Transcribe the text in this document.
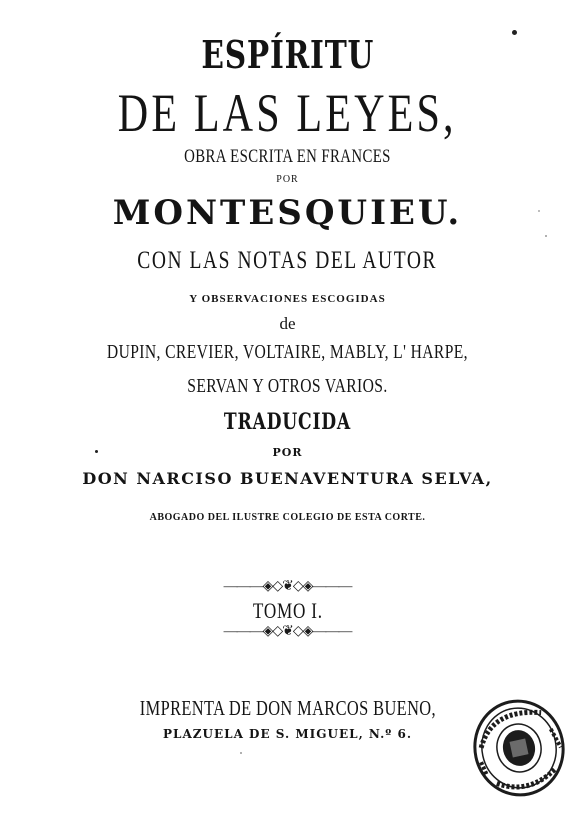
ESPÍRITU
DE LAS LEYES,
OBRA ESCRITA EN FRANCES
POR
MONTESQUIEU.
CON LAS NOTAS DEL AUTOR
Y OBSERVACIONES ESCOGIDAS
de
DUPIN, CREVIER, VOLTAIRE, MABLY, L' HARPE,
SERVAN Y OTROS VARIOS.
TRADUCIDA
POR
DON NARCISO BUENAVENTURA SELVA,
ABOGADO DEL ILUSTRE COLEGIO DE ESTA CORTE.
———◈◇❦◇◈———
TOMO I.
———◈◇❦◇◈———
IMPRENTA DE DON MARCOS BUENO,
PLAZUELA DE S. MIGUEL, N.º 6.
